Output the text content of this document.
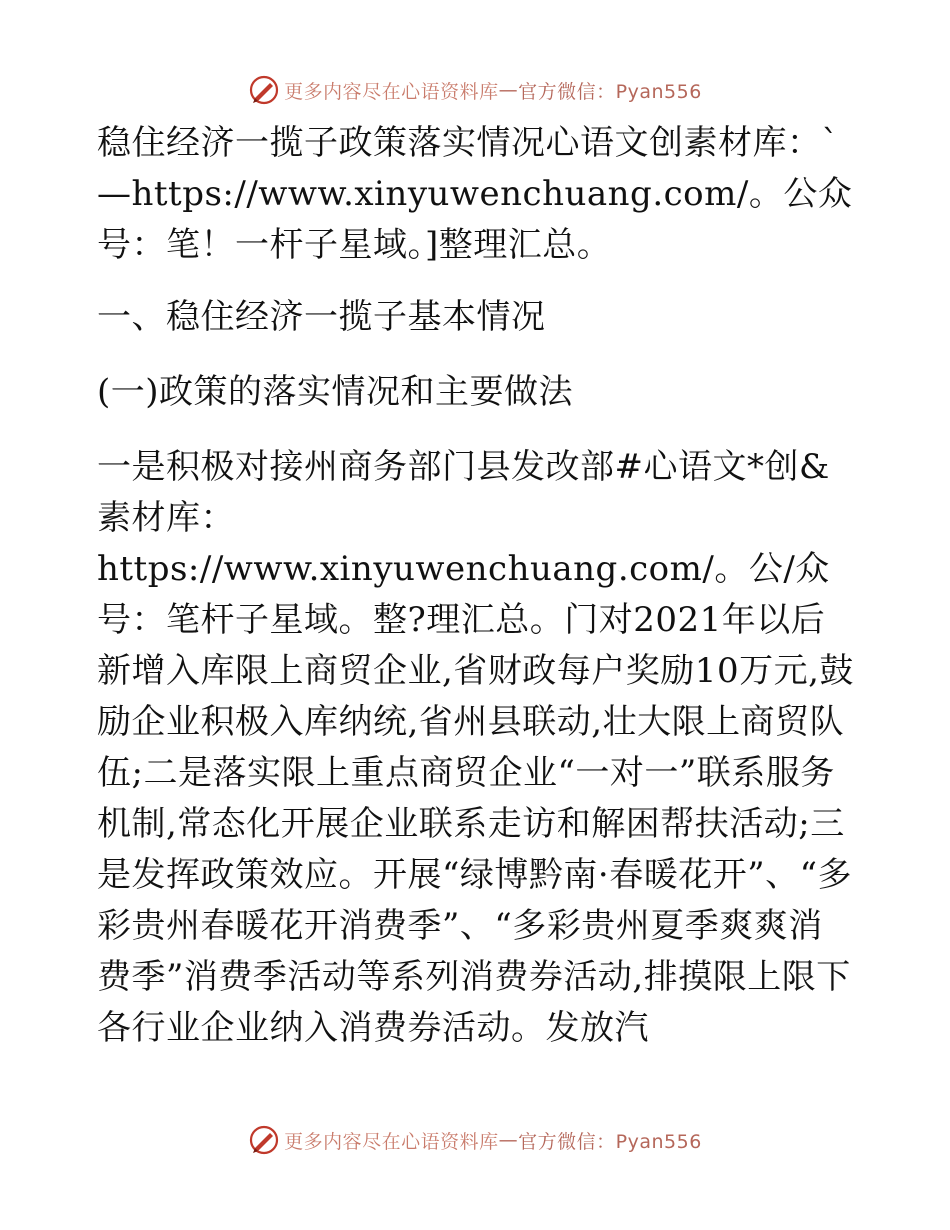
更多内容尽在心语资料库 — 官方微信：Pyan556

稳住经济一揽子政策落实情况心语文创素材库：`—https://www.xinyuwenchuang.com/。公众号：笔！一杆子星域。]整理汇总。

一、稳住经济一揽子基本情况

(一)政策的落实情况和主要做法

一是积极对接州商务部门县发改部#心语文*创&素材库：https://www.xinyuwenchuang.com/。公/众号：笔杆子星域。整?理汇总。门对2021年以后新增入库限上商贸企业,省财政每户奖励10万元,鼓励企业积极入库纳统,省州县联动,壮大限上商贸队伍;二是落实限上重点商贸企业“一对一”联系服务机制,常态化开展企业联系走访和解困帮扶活动;三是发挥政策效应。开展“绿博黔南·春暖花开”、“多彩贵州春暖花开消费季”、“多彩贵州夏季爽爽消费季”消费季活动等系列消费券活动,排摸限上限下各行业企业纳入消费券活动。发放汽

更多内容尽在心语资料库 — 官方微信：Pyan556
